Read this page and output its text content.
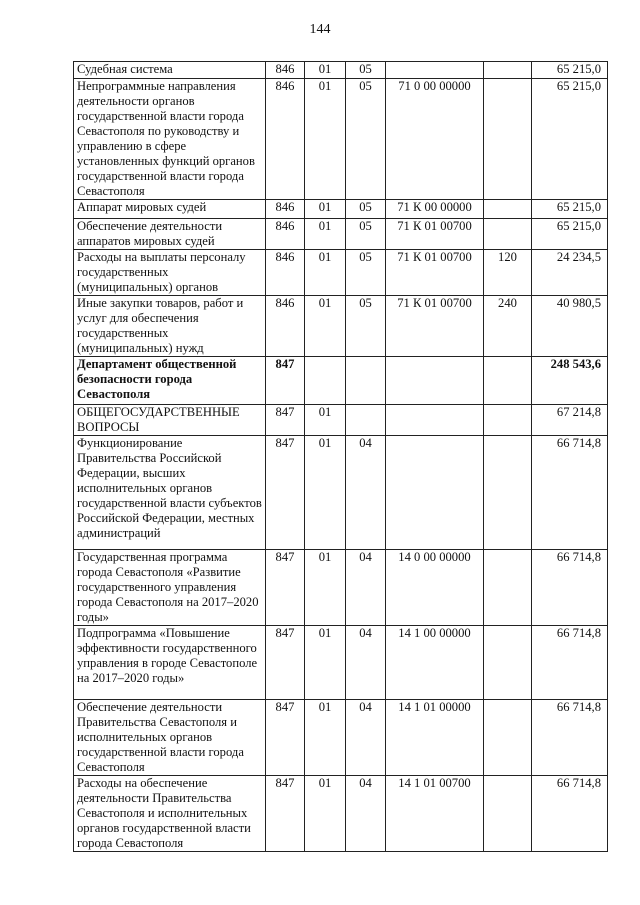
144
Судебная система	846	01	05			65 215,0
Непрограммные направления деятельности органов государственной власти города Севастополя по руководству и управлению в сфере установленных функций органов государственной власти города Севастополя	846	01	05	71 0 00 00000		65 215,0
Аппарат мировых судей	846	01	05	71 К 00 00000		65 215,0
Обеспечение деятельности аппаратов мировых судей	846	01	05	71 К 01 00700		65 215,0
Расходы на выплаты персоналу государственных (муниципальных) органов	846	01	05	71 К 01 00700	120	24 234,5
Иные закупки товаров, работ и услуг для обеспечения государственных (муниципальных) нужд	846	01	05	71 К 01 00700	240	40 980,5
Департамент общественной безопасности города Севастополя	847					248 543,6
ОБЩЕГОСУДАРСТВЕННЫЕ ВОПРОСЫ	847	01				67 214,8
Функционирование Правительства Российской Федерации, высших исполнительных органов государственной власти субъектов Российской Федерации, местных администраций	847	01	04			66 714,8
Государственная программа города Севастополя «Развитие государственного управления города Севастополя на 2017–2020 годы»	847	01	04	14 0 00 00000		66 714,8
Подпрограмма «Повышение эффективности государственного управления в городе Севастополе на 2017–2020 годы»	847	01	04	14 1 00 00000		66 714,8
Обеспечение деятельности Правительства Севастополя и исполнительных органов государственной власти города Севастополя	847	01	04	14 1 01 00000		66 714,8
Расходы на обеспечение деятельности Правительства Севастополя и исполнительных органов государственной власти города Севастополя	847	01	04	14 1 01 00700		66 714,8
